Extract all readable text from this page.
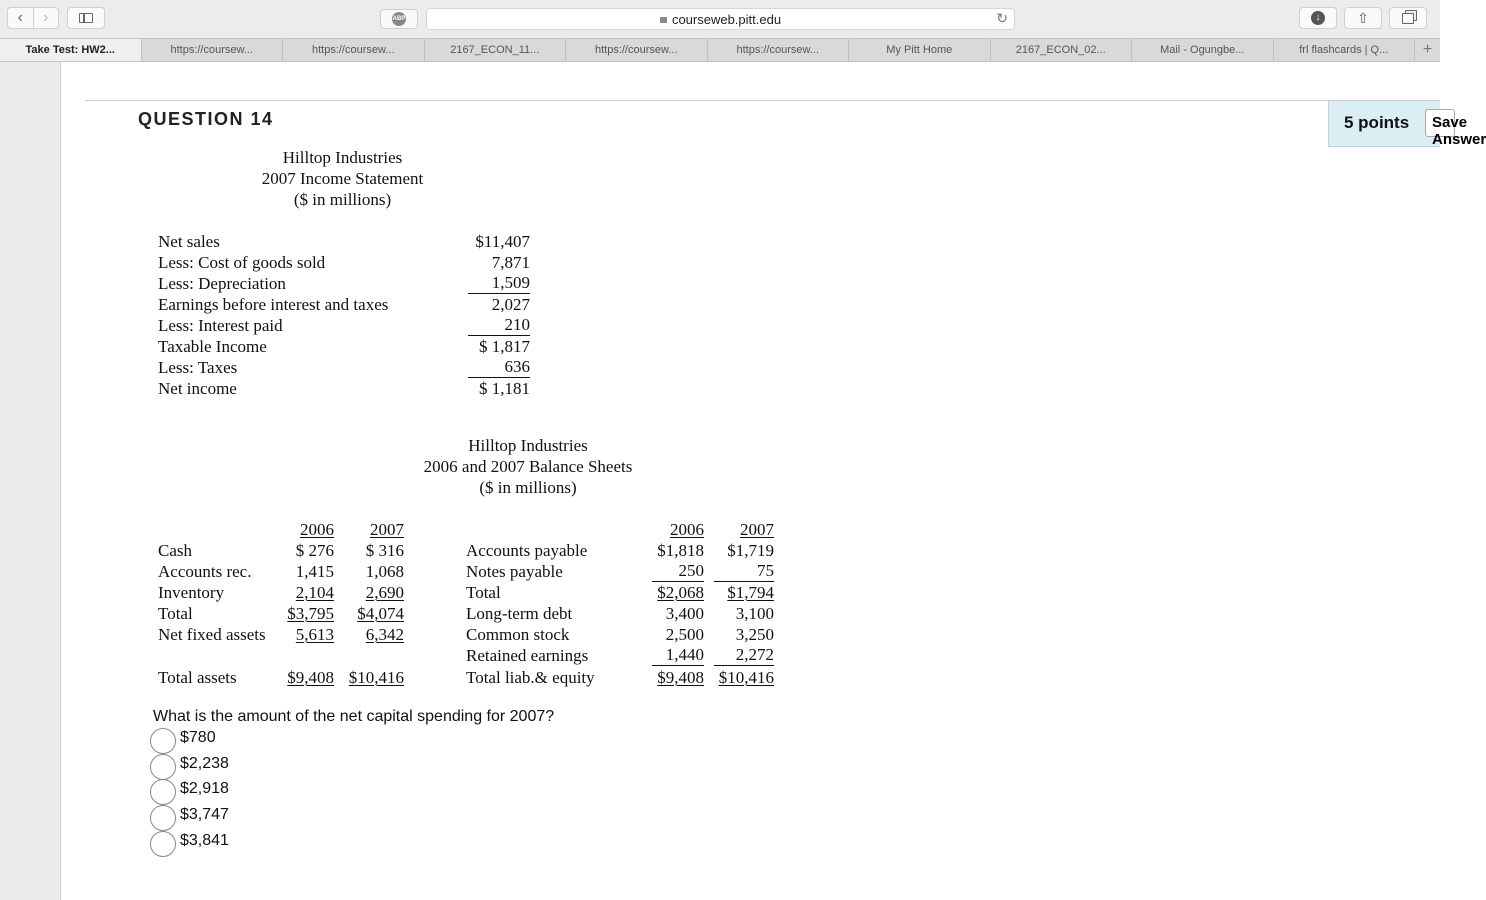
‹	›	ABP	courseweb.pitt.edu	↻	↓	⇧
Take Test: HW2...	https://coursew...	https://coursew...	2167_ECON_11...	https://coursew...	https://coursew...	My Pitt Home	2167_ECON_02...	Mail - Ogungbe...	frl flashcards | Q...	+
QUESTION 14	5 points	Save Answer
Hilltop Industries
2007 Income Statement
($ in millions)
Net sales	$11,407
Less: Cost of goods sold	7,871
Less: Depreciation	1,509
Earnings before interest and taxes	2,027
Less: Interest paid	210
Taxable Income	$ 1,817
Less: Taxes	636
Net income	$ 1,181
Hilltop Industries
2006 and 2007 Balance Sheets
($ in millions)
2006 2007
Cash	$ 276 $ 316
Accounts rec.	1,415 1,068
Inventory	2,104 2,690
Total	$3,795 $4,074
Net fixed assets 5,613 6,342
Total assets	$9,408 $10,416
2006 2007
Accounts payable	$1,818 $1,719
Notes payable	250	75
Total	$2,068 $1,794
Long-term debt	3,400 3,100
Common stock	2,500 3,250
Retained earnings	1,440	2,272
Total liab.& equity	$9,408 $10,416
What is the amount of the net capital spending for 2007?
$780
$2,238
$2,918
$3,747
$3,841
